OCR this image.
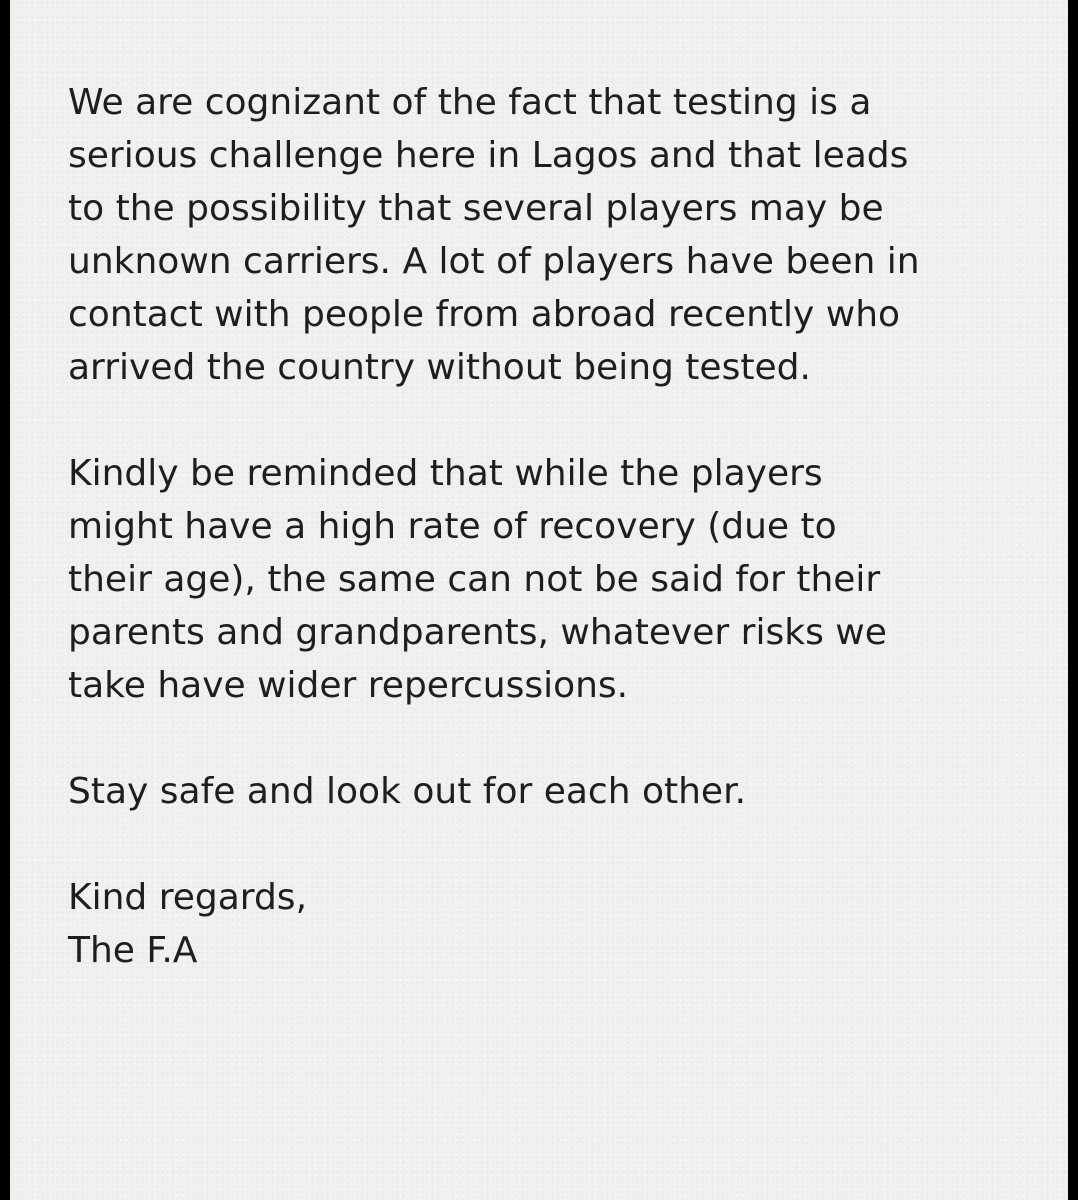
We are cognizant of the fact that testing is a
serious challenge here in Lagos and that leads
to the possibility that several players may be
unknown carriers. A lot of players have been in
contact with people from abroad recently who
arrived the country without being tested.

Kindly be reminded that while the players
might have a high rate of recovery (due to
their age), the same can not be said for their
parents and grandparents, whatever risks we
take have wider repercussions.

Stay safe and look out for each other.

Kind regards,

The F.A
